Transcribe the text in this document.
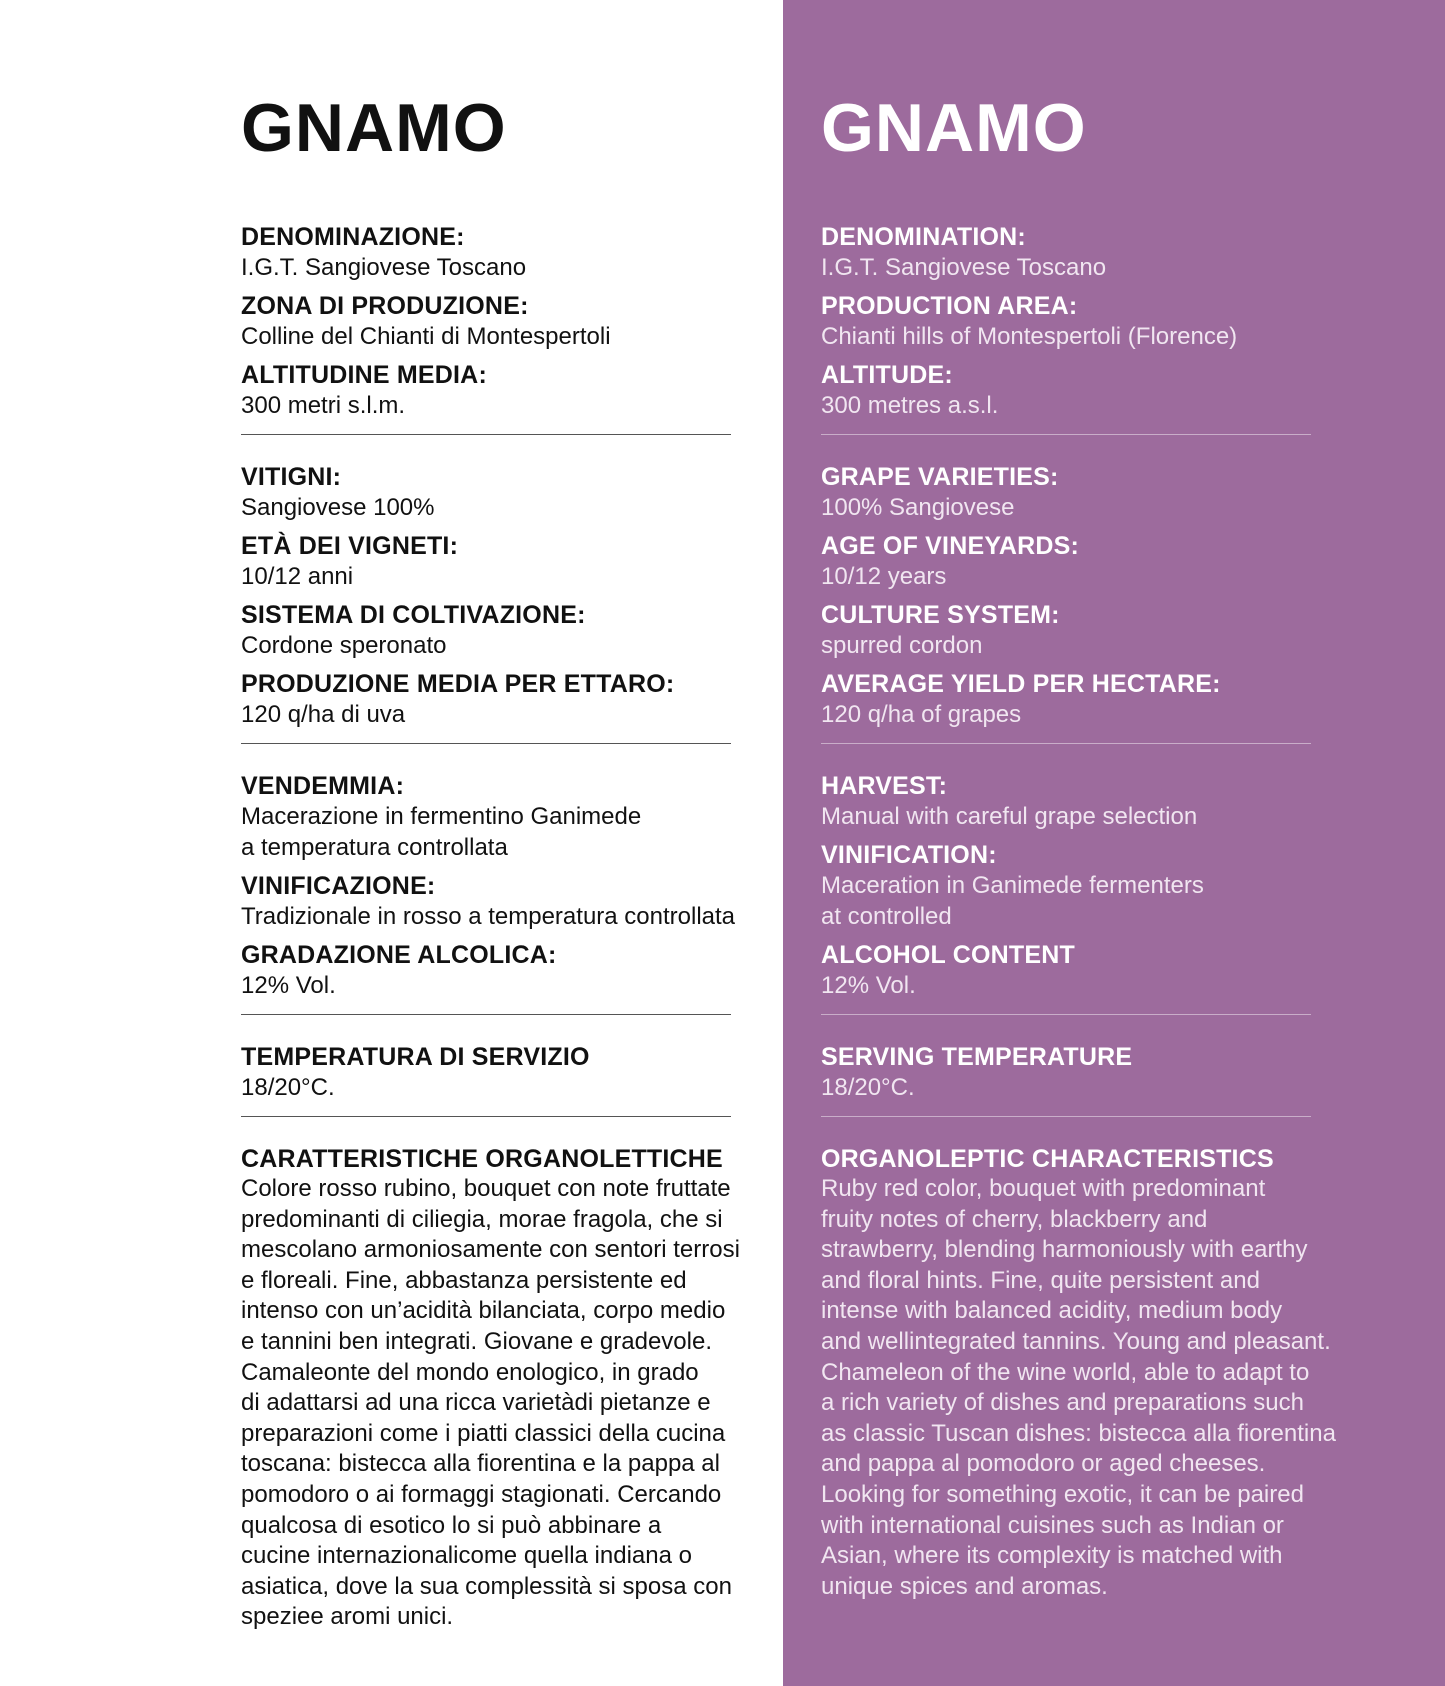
GNAMO
DENOMINAZIONE:
I.G.T. Sangiovese Toscano
ZONA DI PRODUZIONE:
Colline del Chianti di Montespertoli
ALTITUDINE MEDIA:
300 metri s.l.m.
VITIGNI:
Sangiovese 100%
ETÀ DEI VIGNETI:
10/12 anni
SISTEMA DI COLTIVAZIONE:
Cordone speronato
PRODUZIONE MEDIA PER ETTARO:
120 q/ha di uva
VENDEMMIA:
Macerazione in fermentino Ganimede
a temperatura controllata
VINIFICAZIONE:
Tradizionale in rosso a temperatura controllata
GRADAZIONE ALCOLICA:
12% Vol.
TEMPERATURA DI SERVIZIO
18/20°C.
CARATTERISTICHE ORGANOLETTICHE
Colore rosso rubino, bouquet con note fruttate
predominanti di ciliegia, morae fragola, che si
mescolano armoniosamente con sentori terrosi
e floreali. Fine, abbastanza persistente ed
intenso con un’acidità bilanciata, corpo medio
e tannini ben integrati. Giovane e gradevole.
Camaleonte del mondo enologico, in grado
di adattarsi ad una ricca varietàdi pietanze e
preparazioni come i piatti classici della cucina
toscana: bistecca alla fiorentina e la pappa al
pomodoro o ai formaggi stagionati. Cercando
qualcosa di esotico lo si può abbinare a
cucine internazionalicome quella indiana o
asiatica, dove la sua complessità si sposa con
speziee aromi unici.
GNAMO
DENOMINATION:
I.G.T. Sangiovese Toscano
PRODUCTION AREA:
Chianti hills of Montespertoli (Florence)
ALTITUDE:
300 metres a.s.l.
GRAPE VARIETIES:
100% Sangiovese
AGE OF VINEYARDS:
10/12 years
CULTURE SYSTEM:
spurred cordon
AVERAGE YIELD PER HECTARE:
120 q/ha of grapes
HARVEST:
Manual with careful grape selection
VINIFICATION:
Maceration in Ganimede fermenters
at controlled
ALCOHOL CONTENT
12% Vol.
SERVING TEMPERATURE
18/20°C.
ORGANOLEPTIC CHARACTERISTICS
Ruby red color, bouquet with predominant
fruity notes of cherry, blackberry and
strawberry, blending harmoniously with earthy
and floral hints. Fine, quite persistent and
intense with balanced acidity, medium body
and wellintegrated tannins. Young and pleasant.
Chameleon of the wine world, able to adapt to
a rich variety of dishes and preparations such
as classic Tuscan dishes: bistecca alla fiorentina
and pappa al pomodoro or aged cheeses.
Looking for something exotic, it can be paired
with international cuisines such as Indian or
Asian, where its complexity is matched with
unique spices and aromas.
